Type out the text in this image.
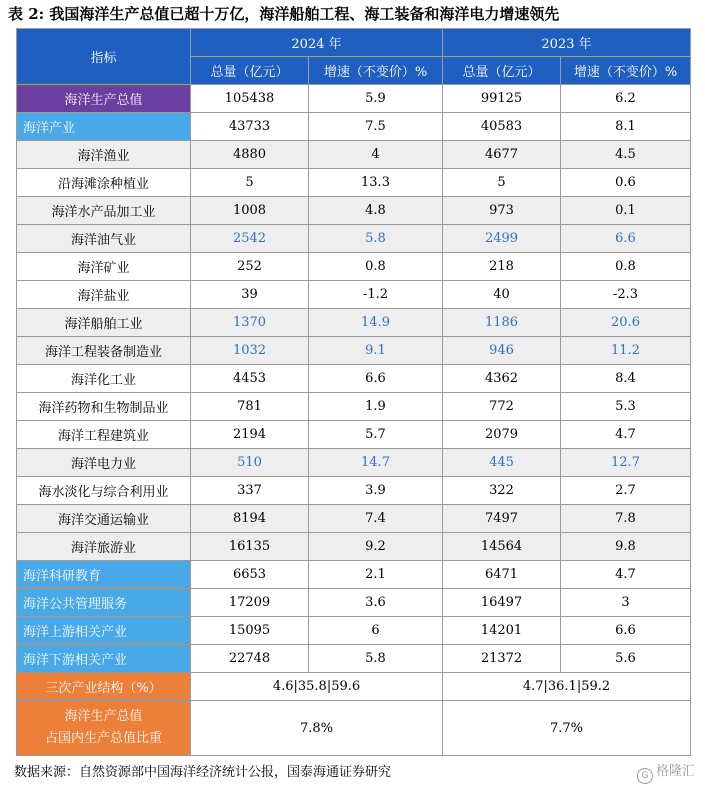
表 2: 我国海洋生产总值已超十万亿，海洋船舶工程、海工装备和海洋电力增速领先
指标	2024 年		2023 年	
	总量（亿元）	增速（不变价）%	总量（亿元）	增速（不变价）%
海洋生产总值	105438	5.9	99125	6.2
海洋产业	43733	7.5	40583	8.1
海洋渔业	4880	4	4677	4.5
沿海滩涂种植业	5	13.3	5	0.6
海洋水产品加工业	1008	4.8	973	0.1
海洋油气业	2542	5.8	2499	6.6
海洋矿业	252	0.8	218	0.8
海洋盐业	39	-1.2	40	-2.3
海洋船舶工业	1370	14.9	1186	20.6
海洋工程装备制造业	1032	9.1	946	11.2
海洋化工业	4453	6.6	4362	8.4
海洋药物和生物制品业	781	1.9	772	5.3
海洋工程建筑业	2194	5.7	2079	4.7
海洋电力业	510	14.7	445	12.7
海水淡化与综合利用业	337	3.9	322	2.7
海洋交通运输业	8194	7.4	7497	7.8
海洋旅游业	16135	9.2	14564	9.8
海洋科研教育	6653	2.1	6471	4.7
海洋公共管理服务	17209	3.6	16497	3
海洋上游相关产业	15095	6	14201	6.6
海洋下游相关产业	22748	5.8	21372	5.6
三次产业结构（%）	4.6|35.8|59.6		4.7|36.1|59.2	

海洋生产总值
占国内生产总值比重	7.8%		7.7%	
数据来源：自然资源部中国海洋经济统计公报，国泰海通证券研究	G 格隆汇
